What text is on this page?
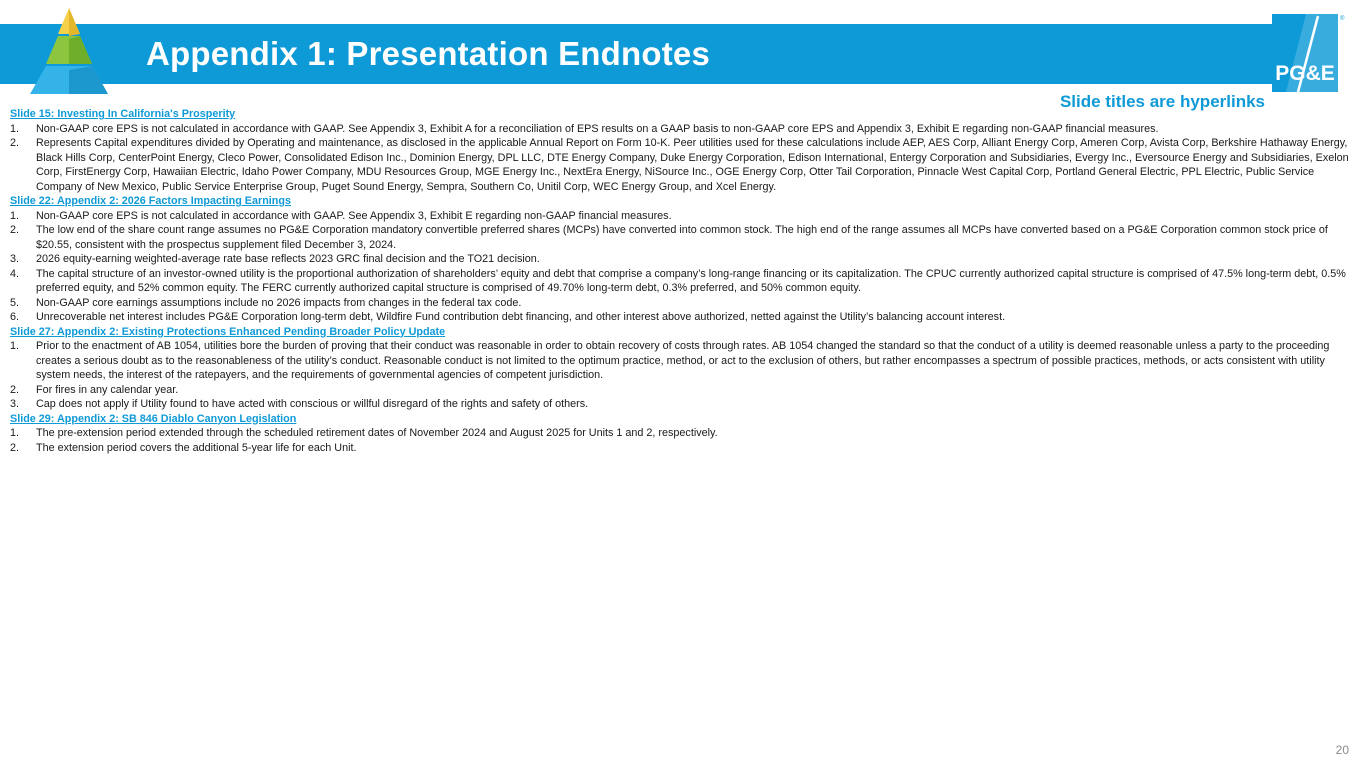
Appendix 1: Presentation Endnotes
PG&E
®
Slide titles are hyperlinks
Slide 15: Investing In California's Prosperity
1.	Non-GAAP core EPS is not calculated in accordance with GAAP. See Appendix 3, Exhibit A for a reconciliation of EPS results on a GAAP basis to non-GAAP core EPS and Appendix 3, Exhibit E regarding non-GAAP financial measures.
2.	Represents Capital expenditures divided by Operating and maintenance, as disclosed in the applicable Annual Report on Form 10-K. Peer utilities used for these calculations include AEP, AES Corp, Alliant Energy Corp, Ameren Corp, Avista Corp, Berkshire Hathaway Energy, Black Hills Corp, CenterPoint Energy, Cleco Power, Consolidated Edison Inc., Dominion Energy, DPL LLC, DTE Energy Company, Duke Energy Corporation, Edison International, Entergy Corporation and Subsidiaries, Evergy Inc., Eversource Energy and Subsidiaries, Exelon Corp, FirstEnergy Corp, Hawaiian Electric, Idaho Power Company, MDU Resources Group, MGE Energy Inc., NextEra Energy, NiSource Inc., OGE Energy Corp, Otter Tail Corporation, Pinnacle West Capital Corp, Portland General Electric, PPL Electric, Public Service Company of New Mexico, Public Service Enterprise Group, Puget Sound Energy, Sempra, Southern Co, Unitil Corp, WEC Energy Group, and Xcel Energy.
Slide 22: Appendix 2: 2026 Factors Impacting Earnings
1.	Non-GAAP core EPS is not calculated in accordance with GAAP. See Appendix 3, Exhibit E regarding non-GAAP financial measures.
2.	The low end of the share count range assumes no PG&E Corporation mandatory convertible preferred shares (MCPs) have converted into common stock. The high end of the range assumes all MCPs have converted based on a PG&E Corporation common stock price of $20.55, consistent with the prospectus supplement filed December 3, 2024.
3.	2026 equity-earning weighted-average rate base reflects 2023 GRC final decision and the TO21 decision.
4.	The capital structure of an investor-owned utility is the proportional authorization of shareholders’ equity and debt that comprise a company’s long-range financing or its capitalization. The CPUC currently authorized capital structure is comprised of 47.5% long-term debt, 0.5% preferred equity, and 52% common equity. The FERC currently authorized capital structure is comprised of 49.70% long-term debt, 0.3% preferred, and 50% common equity.
5.	Non-GAAP core earnings assumptions include no 2026 impacts from changes in the federal tax code.
6.	Unrecoverable net interest includes PG&E Corporation long-term debt, Wildfire Fund contribution debt financing, and other interest above authorized, netted against the Utility’s balancing account interest.
Slide 27: Appendix 2: Existing Protections Enhanced Pending Broader Policy Update
1.	Prior to the enactment of AB 1054, utilities bore the burden of proving that their conduct was reasonable in order to obtain recovery of costs through rates. AB 1054 changed the standard so that the conduct of a utility is deemed reasonable unless a party to the proceeding creates a serious doubt as to the reasonableness of the utility’s conduct. Reasonable conduct is not limited to the optimum practice, method, or act to the exclusion of others, but rather encompasses a spectrum of possible practices, methods, or acts consistent with utility system needs, the interest of the ratepayers, and the requirements of governmental agencies of competent jurisdiction.
2.	For fires in any calendar year.
3.	Cap does not apply if Utility found to have acted with conscious or willful disregard of the rights and safety of others.
Slide 29: Appendix 2: SB 846 Diablo Canyon Legislation
1.	The pre-extension period extended through the scheduled retirement dates of November 2024 and August 2025 for Units 1 and 2, respectively.
2.	The extension period covers the additional 5-year life for each Unit.
20
